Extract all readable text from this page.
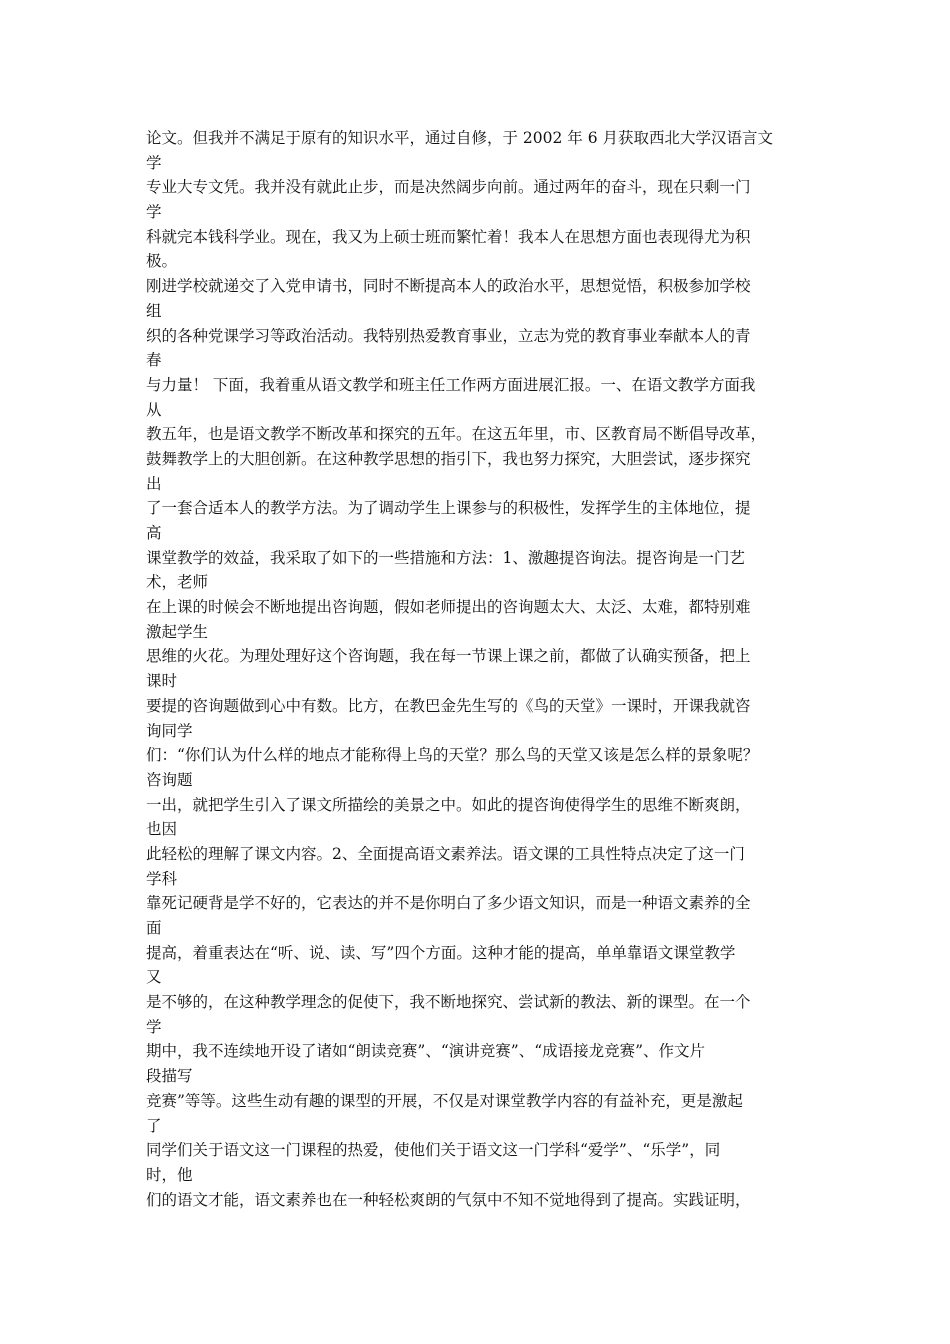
论文。但我并不满足于原有的知识水平，通过自修，于 2002 年 6 月获取西北大学汉语言文
学
专业大专文凭。我并没有就此止步，而是决然阔步向前。通过两年的奋斗，现在只剩一门
学
科就完本钱科学业。现在，我又为上硕士班而繁忙着！我本人在思想方面也表现得尤为积
极。
刚进学校就递交了入党申请书，同时不断提高本人的政治水平，思想觉悟，积极参加学校
组
织的各种党课学习等政治活动。我特别热爱教育事业，立志为党的教育事业奉献本人的青
春
与力量！ 下面，我着重从语文教学和班主任工作两方面进展汇报。一、在语文教学方面我
从
教五年，也是语文教学不断改革和探究的五年。在这五年里，市、区教育局不断倡导改革，
鼓舞教学上的大胆创新。在这种教学思想的指引下，我也努力探究，大胆尝试，逐步探究
出
了一套合适本人的教学方法。为了调动学生上课参与的积极性，发挥学生的主体地位，提
高
课堂教学的效益，我采取了如下的一些措施和方法：1、激趣提咨询法。提咨询是一门艺
术，老师
在上课的时候会不断地提出咨询题，假如老师提出的咨询题太大、太泛、太难，都特别难
激起学生
思维的火花。为理处理好这个咨询题，我在每一节课上课之前，都做了认确实预备，把上
课时
要提的咨询题做到心中有数。比方，在教巴金先生写的《鸟的天堂》一课时，开课我就咨
询同学
们：“你们认为什么样的地点才能称得上鸟的天堂？那么鸟的天堂又该是怎么样的景象呢？
咨询题
一出，就把学生引入了课文所描绘的美景之中。如此的提咨询使得学生的思维不断爽朗，
也因
此轻松的理解了课文内容。2、全面提高语文素养法。语文课的工具性特点决定了这一门
学科
靠死记硬背是学不好的，它表达的并不是你明白了多少语文知识，而是一种语文素养的全
面
提高，着重表达在“听、说、读、写”四个方面。这种才能的提高，单单靠语文课堂教学
又
是不够的，在这种教学理念的促使下，我不断地探究、尝试新的教法、新的课型。在一个
学
期中，我不连续地开设了诸如“朗读竞赛”、“演讲竞赛”、“成语接龙竞赛”、作文片
段描写
竞赛”等等。这些生动有趣的课型的开展，不仅是对课堂教学内容的有益补充，更是激起
了
同学们关于语文这一门课程的热爱，使他们关于语文这一门学科“爱学”、“乐学”，同
时，他
们的语文才能，语文素养也在一种轻松爽朗的气氛中不知不觉地得到了提高。实践证明，
